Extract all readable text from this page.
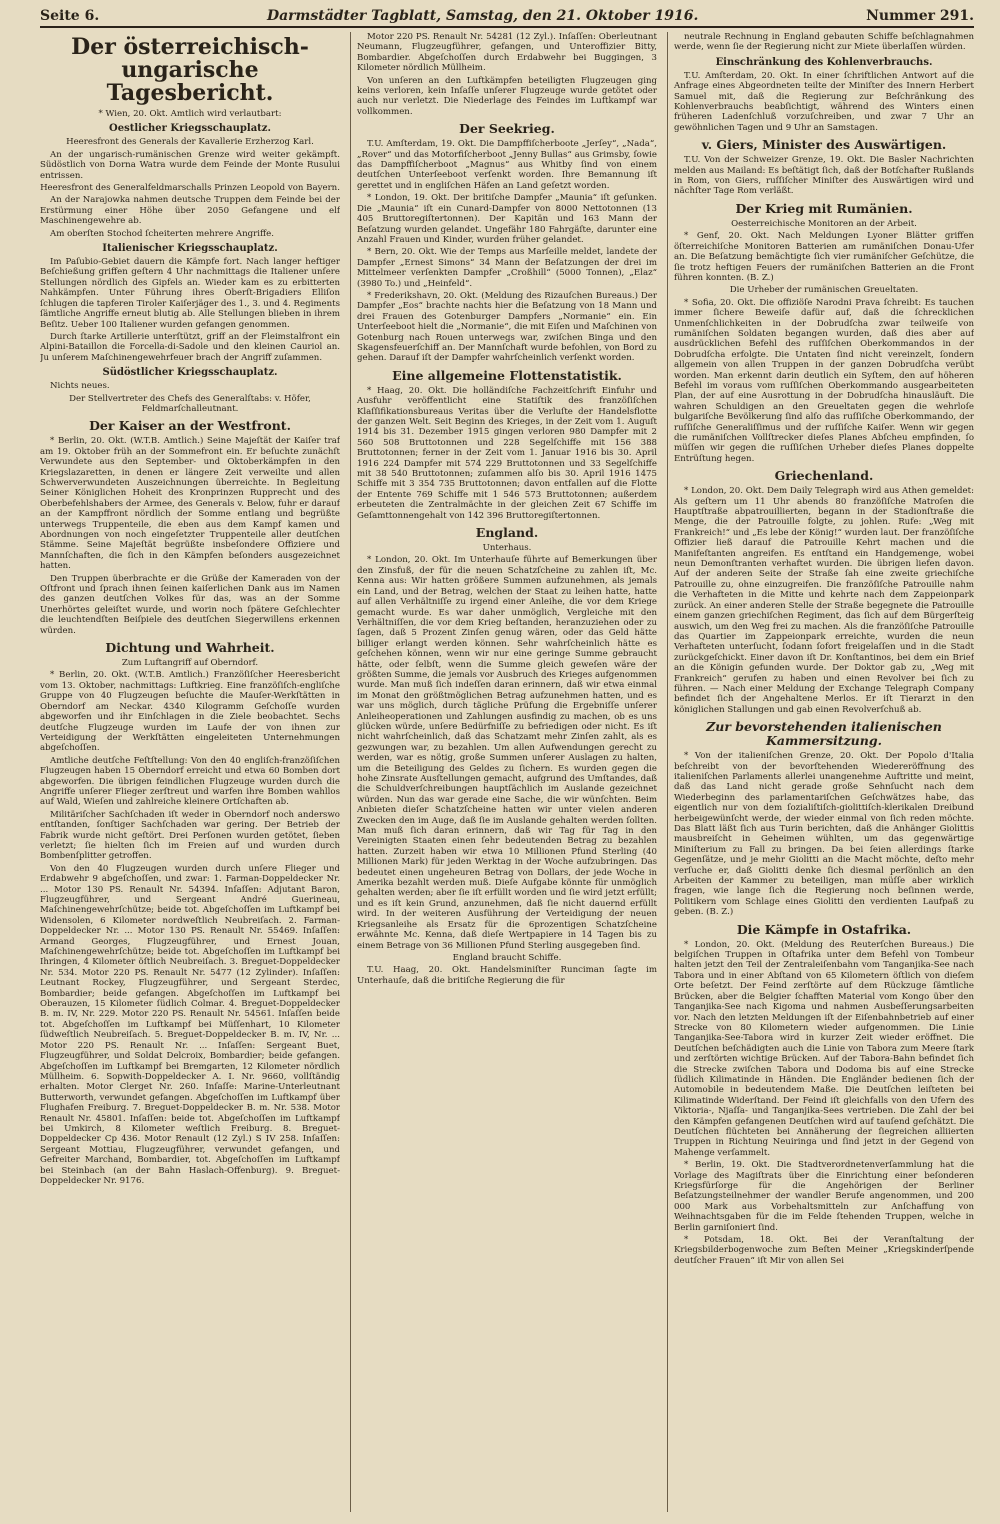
Seite 6.	Darmstädter Tagblatt, Samstag, den 21. Oktober 1916.	Nummer 291.
Der österreichisch-ungarische Tagesbericht.

* Wien, 20. Okt. Amtlich wird verlautbart:

Oestlicher Kriegsschauplatz.

Heeresfront des Generals der Kavallerie Erzherzog Karl.

An der ungarisch-rumänischen Grenze wird weiter gekämpft. Südöstlich von Dorna Watra wurde dem Feinde der Monte Rusului entrissen.

Heeresfront des Generalfeldmarschalls Prinzen Leopold von Bayern.

An der Narajowka nahmen deutsche Truppen dem Feinde bei der Erstürmung einer Höhe über 2050 Gefangene und elf Maschinengewehre ab.

Am oberſten Stochod ſcheiterten mehrere Angriffe.

Italienischer Kriegsschauplatz.

Im Paſubio-Gebiet dauern die Kämpfe fort. Nach langer heftiger Beſchießung griffen geſtern 4 Uhr nachmittags die Italiener unſere Stellungen nördlich des Gipfels an. Wieder kam es zu erbitterten Nahkämpfen. Unter Führung ihres Oberſt-Brigadiers Elliſon ſchlugen die tapferen Tiroler Kaiſerjäger des 1., 3. und 4. Regiments ſämtliche Angriffe erneut blutig ab. Alle Stellungen blieben in ihrem Beſitz. Ueber 100 Italiener wurden gefangen genommen.

Durch ſtarke Artillerie unterſtützt, griff an der Fleimstalfront ein Alpini-Bataillon die Forcella-di-Sadole und den kleinen Cauriol an. Ju unſerem Maſchinengewehrfeuer brach der Angriff zuſammen.

Südöstlicher Kriegsschauplatz.

Nichts neues.

Der Stellvertreter des Chefs des Generalſtabs: v. Höfer, Feldmarſchalleutnant.

Der Kaiser an der Westfront.

* Berlin, 20. Okt. (W.T.B. Amtlich.) Seine Majeſtät der Kaiſer traf am 19. Oktober früh an der Sommefront ein. Er beſuchte zunächſt Verwundete aus den September- und Oktoberkämpfen in den Kriegslazaretten, in denen er längere Zeit verweilte und allen Schwerverwundeten Auszeichnungen überreichte. In Begleitung Seiner Königlichen Hoheit des Kronprinzen Rupprecht und des Oberbefehlshabers der Armee, des Generals v. Below, fuhr er darauf an der Kampffront nördlich der Somme entlang und begrüßte unterwegs Truppenteile, die eben aus dem Kampf kamen und Abordnungen von noch eingeſetzter Truppenteile aller deutſchen Stämme. Seine Majeſtät begrüßte insbeſondere Offiziere und Mannſchaften, die ſich in den Kämpfen beſonders ausgezeichnet hatten.

Den Truppen überbrachte er die Grüße der Kameraden von der Oſtfront und ſprach ihnen ſeinen kaiſerlichen Dank aus im Namen des ganzen deutſchen Volkes für das, was an der Somme Unerhörtes geleiſtet wurde, und worin noch ſpätere Geſchlechter die leuchtendſten Beiſpiele des deutſchen Siegerwillens erkennen würden.

Dichtung und Wahrheit.

Zum Luftangriff auf Oberndorf.

* Berlin, 20. Okt. (W.T.B. Amtlich.) Franzöſiſcher Heeresbericht vom 13. Oktober, nachmittags: Luftkrieg. Eine franzöſiſch-engliſche Gruppe von 40 Flugzeugen beſuchte die Mauſer-Werkſtätten in Oberndorf am Neckar. 4340 Kilogramm Geſchoſſe wurden abgeworfen und ihr Einſchlagen in die Ziele beobachtet. Sechs deutſche Flugzeuge wurden im Laufe der von ihnen zur Verteidigung der Werkſtätten eingeleiteten Unternehmungen abgeſchoſſen.

Amtliche deutſche Feſtſtellung: Von den 40 engliſch-franzöſiſchen Flugzeugen haben 15 Oberndorf erreicht und etwa 60 Bomben dort abgeworfen. Die übrigen feindlichen Flugzeuge wurden durch die Angriffe unſerer Flieger zerſtreut und warfen ihre Bomben wahllos auf Wald, Wieſen und zahlreiche kleinere Ortſchaften ab.

Militäriſcher Sachſchaden iſt weder in Oberndorf noch anderswo entſtanden, ſonſtiger Sachſchaden war gering. Der Betrieb der Fabrik wurde nicht geſtört. Drei Perſonen wurden getötet, ſieben verletzt; ſie hielten ſich im Freien auf und wurden durch Bombenſplitter getroffen.

Von den 40 Flugzeugen wurden durch unſere Flieger und Erdabwehr 9 abgeſchoſſen, und zwar: 1. Farman-Doppeldecker Nr. ... Motor 130 PS. Renault Nr. 54394. Inſaſſen: Adjutant Baron, Flugzeugführer, und Sergeant André Guerineau, Maſchinengewehrſchütze; beide tot. Abgeſchoſſen im Luftkampf bei Widensolen, 6 Kilometer nordweſtlich Neubreiſach. 2. Farman-Doppeldecker Nr. ... Motor 130 PS. Renault Nr. 55469. Inſaſſen: Armand Georges, Flugzeugführer, und Ernest Jouan, Maſchinengewehrſchütze; beide tot. Abgeſchoſſen im Luftkampf bei Ihringen, 4 Kilometer öſtlich Neubreiſach. 3. Breguet-Doppeldecker Nr. 534. Motor 220 PS. Renault Nr. 5477 (12 Zylinder). Inſaſſen: Leutnant Rockey, Flugzeugführer, und Sergeant Sterdec, Bombardier; beide gefangen. Abgeſchoſſen im Luftkampf bei Oberauzen, 15 Kilometer ſüdlich Colmar. 4. Breguet-Doppeldecker B. m. IV, Nr. 229. Motor 220 PS. Renault Nr. 54561. Inſaſſen beide tot. Abgeſchoſſen im Luftkampf bei Müſſenhart, 10 Kilometer ſüdweſtlich Neubreiſach. 5. Breguet-Doppeldecker B. m. IV, Nr. ... Motor 220 PS. Renault Nr. ... Inſaſſen: Sergeant Buet, Flugzeugführer, und Soldat Delcroix, Bombardier; beide gefangen. Abgeſchoſſen im Luftkampf bei Bremgarten, 12 Kilometer nördlich Müllheim. 6. Sopwith-Doppeldecker A. I. Nr. 9660, vollſtändig erhalten. Motor Clerget Nr. 260. Inſaſſe: Marine-Unterleutnant Butterworth, verwundet gefangen. Abgeſchoſſen im Luftkampf über Flughafen Freiburg. 7. Breguet-Doppeldecker B. m. Nr. 538. Motor Renault Nr. 45801. Inſaſſen: beide tot. Abgeſchoſſen im Luftkampf bei Umkirch, 8 Kilometer weſtlich Freiburg. 8. Breguet-Doppeldecker Cp 436. Motor Renault (12 Zyl.) S IV 258. Inſaſſen: Sergeant Mottiau, Flugzeugführer, verwundet gefangen, und Gefreiter Marchand, Bombardier, tot. Abgeſchoſſen im Luftkampf bei Steinbach (an der Bahn Haslach-Offenburg). 9. Breguet-Doppeldecker Nr. 9176.

Motor 220 PS. Renault Nr. 54281 (12 Zyl.). Inſaſſen: Oberleutnant Neumann, Flugzeugführer, gefangen, und Unteroffizier Bitty, Bombardier. Abgeſchoſſen durch Erdabwehr bei Buggingen, 3 Kilometer nördlich Müllheim.

Von unſeren an den Luftkämpfen beteiligten Flugzeugen ging keins verloren, kein Inſaſſe unſerer Flugzeuge wurde getötet oder auch nur verletzt. Die Niederlage des Feindes im Luftkampf war vollkommen.

Der Seekrieg.

T.U. Amſterdam, 19. Okt. Die Dampffiſcherboote „Jerſey“, „Nada“, „Rover“ und das Motorfiſcherboot „Jenny Bullas“ aus Grimsby, ſowie das Dampffiſcherboot „Magnus“ aus Whitby ſind von einem deutſchen Unterſeeboot verſenkt worden. Ihre Bemannung iſt gerettet und in engliſchen Häfen an Land geſetzt worden.

* London, 19. Okt. Der britiſche Dampfer „Maunia“ iſt geſunken. Die „Maunia“ iſt ein Cunard-Dampfer von 8000 Nettotonnen (13 405 Bruttoregiſtertonnen). Der Kapitän und 163 Mann der Beſatzung wurden gelandet. Ungefähr 180 Fahrgäſte, darunter eine Anzahl Frauen und Kinder, wurden früher gelandet.

* Bern, 20. Okt. Wie der Temps aus Marſeille meldet, landete der Dampfer „Ernest Simons“ 34 Mann der Beſatzungen der drei im Mittelmeer verſenkten Dampfer „Croßhill“ (5000 Tonnen), „Elaz“ (3980 To.) und „Heinfeld“.

* Frederikshavn, 20. Okt. (Meldung des Rizauſchen Bureaus.) Der Dampfer „Eos“ brachte nachts hier die Beſatzung von 18 Mann und drei Frauen des Gotenburger Dampfers „Normanie“ ein. Ein Unterſeeboot hielt die „Normanie“, die mit Eiſen und Maſchinen von Gotenburg nach Rouen unterwegs war, zwiſchen Binga und den Skagensfeuerſchiff an. Der Mannſchaft wurde befohlen, von Bord zu gehen. Darauf iſt der Dampfer wahrſcheinlich verſenkt worden.

Eine allgemeine Flottenstatistik.

* Haag, 20. Okt. Die holländiſche Fachzeitſchrift Einfuhr und Ausfuhr veröffentlicht eine Statiſtik des franzöſiſchen Klaſſifikationsbureaus Veritas über die Verluſte der Handelsflotte der ganzen Welt. Seit Beginn des Krieges, in der Zeit vom 1. Auguſt 1914 bis 31. Dezember 1915 gingen verloren 980 Dampfer mit 2 560 508 Bruttotonnen und 228 Segelſchiffe mit 156 388 Bruttotonnen; ferner in der Zeit vom 1. Januar 1916 bis 30. April 1916 224 Dampfer mit 574 229 Bruttotonnen und 33 Segelſchiffe mit 38 540 Bruttotonnen; zuſammen alſo bis 30. April 1916 1475 Schiffe mit 3 354 735 Bruttotonnen; davon entfallen auf die Flotte der Entente 769 Schiffe mit 1 546 573 Bruttotonnen; außerdem erbeuteten die Zentralmächte in der gleichen Zeit 67 Schiffe im Geſamttonnengehalt von 142 396 Bruttoregiſtertonnen.

England.

Unterhaus.

* London, 20. Okt. Im Unterhauſe führte auf Bemerkungen über den Zinsfuß, der für die neuen Schatzſcheine zu zahlen iſt, Mc. Kenna aus: Wir hatten größere Summen aufzunehmen, als jemals ein Land, und der Betrag, welchen der Staat zu leihen hatte, hatte auf allen Verhältniſſe zu irgend einer Anleihe, die vor dem Kriege gemacht wurde. Es war daher unmöglich, Vergleiche mit den Verhältniſſen, die vor dem Krieg beſtanden, heranzuziehen oder zu ſagen, daß 5 Prozent Zinſen genug wären, oder das Geld hätte billiger erlangt werden können. Sehr wahrſcheinlich hätte es geſchehen können, wenn wir nur eine geringe Summe gebraucht hätte, oder ſelbſt, wenn die Summe gleich geweſen wäre der größten Summe, die jemals vor Ausbruch des Krieges aufgenommen wurde. Man muß ſich indeſſen daran erinnern, daß wir etwa einmal im Monat den größtmöglichen Betrag aufzunehmen hatten, und es war uns möglich, durch tägliche Prüfung die Ergebniſſe unſerer Anleiheoperationen und Zahlungen ausfindig zu machen, ob es uns glücken würde, unſere Bedürfniſſe zu befriedigen oder nicht. Es iſt nicht wahrſcheinlich, daß das Schatzamt mehr Zinſen zahlt, als es gezwungen war, zu bezahlen. Um allen Aufwendungen gerecht zu werden, war es nötig, große Summen unſerer Auslagen zu halten, um die Beteiligung des Geldes zu ſichern. Es wurden gegen die hohe Zinsrate Ausſtellungen gemacht, aufgrund des Umſtandes, daß die Schuldverſchreibungen hauptſächlich im Auslande gezeichnet würden. Nun das war gerade eine Sache, die wir wünſchten. Beim Anbieten dieſer Schatzſcheine hatten wir unter vielen anderen Zwecken den im Auge, daß ſie im Auslande gehalten werden ſollten. Man muß ſich daran erinnern, daß wir Tag für Tag in den Vereinigten Staaten einen ſehr bedeutenden Betrag zu bezahlen hatten. Zurzeit haben wir etwa 10 Millionen Pfund Sterling (40 Millionen Mark) für jeden Werktag in der Woche aufzubringen. Das bedeutet einen ungeheuren Betrag von Dollars, der jede Woche in Amerika bezahlt werden muß. Dieſe Aufgabe könnte für unmöglich gehalten werden; aber ſie iſt erfüllt worden und ſie wird jetzt erfüllt; und es iſt kein Grund, anzunehmen, daß ſie nicht dauernd erfüllt wird. In der weiteren Ausführung der Verteidigung der neuen Kriegsanleihe als Ersatz für die 6prozentigen Schatzſcheine erwähnte Mc. Kenna, daß dieſe Wertpapiere in 14 Tagen bis zu einem Betrage von 36 Millionen Pfund Sterling ausgegeben ſind.

England braucht Schiffe.

T.U. Haag, 20. Okt. Handelsminiſter Runciman ſagte im Unterhauſe, daß die britiſche Regierung die für

neutrale Rechnung in England gebauten Schiffe beſchlagnahmen werde, wenn ſie der Regierung nicht zur Miete überlaſſen würden.

Einschränkung des Kohlenverbrauchs.

T.U. Amſterdam, 20. Okt. In einer ſchriftlichen Antwort auf die Anfrage eines Abgeordneten teilte der Miniſter des Innern Herbert Samuel mit, daß die Regierung zur Beſchränkung des Kohlenverbrauchs beabſichtigt, während des Winters einen früheren Ladenſchluß vorzuſchreiben, und zwar 7 Uhr an gewöhnlichen Tagen und 9 Uhr an Samstagen.

v. Giers, Minister des Auswärtigen.

T.U. Von der Schweizer Grenze, 19. Okt. Die Basler Nachrichten melden aus Mailand: Es beſtätigt ſich, daß der Botſchafter Rußlands in Rom, von Giers, ruſſiſcher Miniſter des Auswärtigen wird und nächſter Tage Rom verläßt.

Der Krieg mit Rumänien.

Oesterreichische Monitoren an der Arbeit.

* Genf, 20. Okt. Nach Meldungen Lyoner Blätter griffen öſterreichiſche Monitoren Batterien am rumäniſchen Donau-Ufer an. Die Beſatzung bemächtigte ſich vier rumäniſcher Geſchütze, die ſie trotz heftigen Feuers der rumäniſchen Batterien an die Front führen konnten. (B. Z.)

Die Urheber der rumänischen Greueltaten.

* Sofia, 20. Okt. Die offiziöſe Narodni Prava ſchreibt: Es tauchen immer ſichere Beweiſe dafür auf, daß die ſchrecklichen Unmenſchlichkeiten in der Dobrudſcha zwar teilweiſe von rumäniſchen Soldaten begangen wurden, daß dies aber auf ausdrücklichen Befehl des ruſſiſchen Oberkommandos in der Dobrudſcha erfolgte. Die Untaten ſind nicht vereinzelt, ſondern allgemein von allen Truppen in der ganzen Dobrudſcha verübt worden. Man erkennt darin deutlich ein Syſtem, den auf höheren Befehl im voraus vom ruſſiſchen Oberkommando ausgearbeiteten Plan, der auf eine Ausrottung in der Dobrudſcha hinausläuft. Die wahren Schuldigen an den Greueltaten gegen die wehrloſe bulgariſche Bevölkerung ſind alſo das ruſſiſche Oberkommando, der ruſſiſche Generaliſſimus und der ruſſiſche Kaiſer. Wenn wir gegen die rumäniſchen Vollſtrecker dieſes Planes Abſcheu empfinden, ſo müſſen wir gegen die ruſſiſchen Urheber dieſes Planes doppelte Entrüſtung hegen.

Griechenland.

* London, 20. Okt. Dem Daily Telegraph wird aus Athen gemeldet: Als geſtern um 11 Uhr abends 80 franzöſiſche Matroſen die Hauptſtraße abpatrouillierten, begann in der Stadionſtraße die Menge, die der Patrouille folgte, zu johlen. Rufe: „Weg mit Frankreich!“ und „Es lebe der König!“ wurden laut. Der franzöſiſche Offizier ließ darauf die Patrouille Kehrt machen und die Manifeſtanten angreifen. Es entſtand ein Handgemenge, wobei neun Demonſtranten verhaftet wurden. Die übrigen liefen davon. Auf der anderen Seite der Straße ſah eine zweite griechiſche Patrouille zu, ohne einzugreifen. Die franzöſiſche Patrouille nahm die Verhafteten in die Mitte und kehrte nach dem Zappeionpark zurück. An einer anderen Stelle der Straße begegnete die Patrouille einem ganzen griechiſchen Regiment, das ſich auf dem Bürgerſteig auswich, um den Weg frei zu machen. Als die franzöſiſche Patrouille das Quartier im Zappeionpark erreichte, wurden die neun Verhafteten unterſucht, ſodann ſofort freigelaſſen und in die Stadt zurückgeſchickt. Einer davon iſt Dr. Konſtantinos, bei dem ein Brief an die Königin gefunden wurde. Der Doktor gab zu, „Weg mit Frankreich“ gerufen zu haben und einen Revolver bei ſich zu führen. — Nach einer Meldung der Exchange Telegraph Company befindet ſich der Angehaltene Merlos. Er iſt Tierarzt in den königlichen Stallungen und gab einen Revolverſchuß ab.

Zur bevorstehenden italienischen Kammersitzung.

* Von der italieniſchen Grenze, 20. Okt. Der Popolo d'Italia beſchreibt von der bevorſtehenden Wiedereröffnung des italieniſchen Parlaments allerlei unangenehme Auftritte und meint, daß das Land nicht gerade große Sehnſucht nach dem Wiederbeginn des parlamentariſchen Geſchwätzes habe, das eigentlich nur von dem ſozialiſtiſch-giolittiſch-klerikalen Dreibund herbeigewünſcht werde, der wieder einmal von ſich reden möchte. Das Blatt läßt ſich aus Turin berichten, daß die Anhänger Giolittis mausbreiſcht in Geheimen wühlten, um das gegenwärtige Miniſterium zu Fall zu bringen. Da bei ſeien allerdings ſtarke Gegenſätze, und je mehr Giolitti an die Macht möchte, deſto mehr verſuche er, daß Giolitti denke ſich diesmal perſönlich an den Arbeiten der Kammer zu beteiligen, man müſſe aber wirklich fragen, wie lange ſich die Regierung noch beſinnen werde, Politikern vom Schlage eines Giolitti den verdienten Laufpaß zu geben. (B. Z.)

Die Kämpfe in Ostafrika.

* London, 20. Okt. (Meldung des Reuterſchen Bureaus.) Die belgiſchen Truppen in Oſtafrika unter dem Befehl von Tombeur halten jetzt den Teil der Zentraleiſenbahn vom Tanganjika-See nach Tabora und in einer Abſtand von 65 Kilometern öſtlich von dieſem Orte beſetzt. Der Feind zerſtörte auf dem Rückzuge ſämtliche Brücken, aber die Belgier ſchafften Material vom Kongo über den Tanganjika-See nach Kigoma und nahmen Ausbeſſerungsarbeiten vor. Nach den letzten Meldungen iſt der Eiſenbahnbetrieb auf einer Strecke von 80 Kilometern wieder aufgenommen. Die Linie Tanganjika-See-Tabora wird in kurzer Zeit wieder eröffnet. Die Deutſchen beſchädigten auch die Linie von Tabora zum Meere ſtark und zerſtörten wichtige Brücken. Auf der Tabora-Bahn befindet ſich die Strecke zwiſchen Tabora und Dodoma bis auf eine Strecke ſüdlich Kilimatinde in Händen. Die Engländer bedienen ſich der Automobile in bedeutendem Maße. Die Deutſchen leiſteten bei Kilimatinde Widerſtand. Der Feind iſt gleichfalls von den Ufern des Viktoria-, Njaſſa- und Tanganjika-Sees vertrieben. Die Zahl der bei den Kämpfen gefangenen Deutſchen wird auf tauſend geſchätzt. Die Deutſchen flüchteten bei Annäherung der ſiegreichen alliierten Truppen in Richtung Neuiringa und ſind jetzt in der Gegend von Mahenge verſammelt.

* Berlin, 19. Okt. Die Stadtverordnetenverſammlung hat die Vorlage des Magiſtrats über die Einrichtung einer beſonderen Kriegsfürſorge für die Angehörigen der Berliner Beſatzungsteilnehmer der wandler Berufe angenommen, und 200 000 Mark aus Vorbehaltsmitteln zur Anſchaffung von Weihnachtsgaben für die im Felde ſtehenden Truppen, welche in Berlin garniſoniert ſind.

* Potsdam, 18. Okt. Bei der Veranſtaltung der Kriegsbilderbogenwoche zum Beſten Meiner „Kriegskinderſpende deutſcher Frauen“ iſt Mir von allen Sei
